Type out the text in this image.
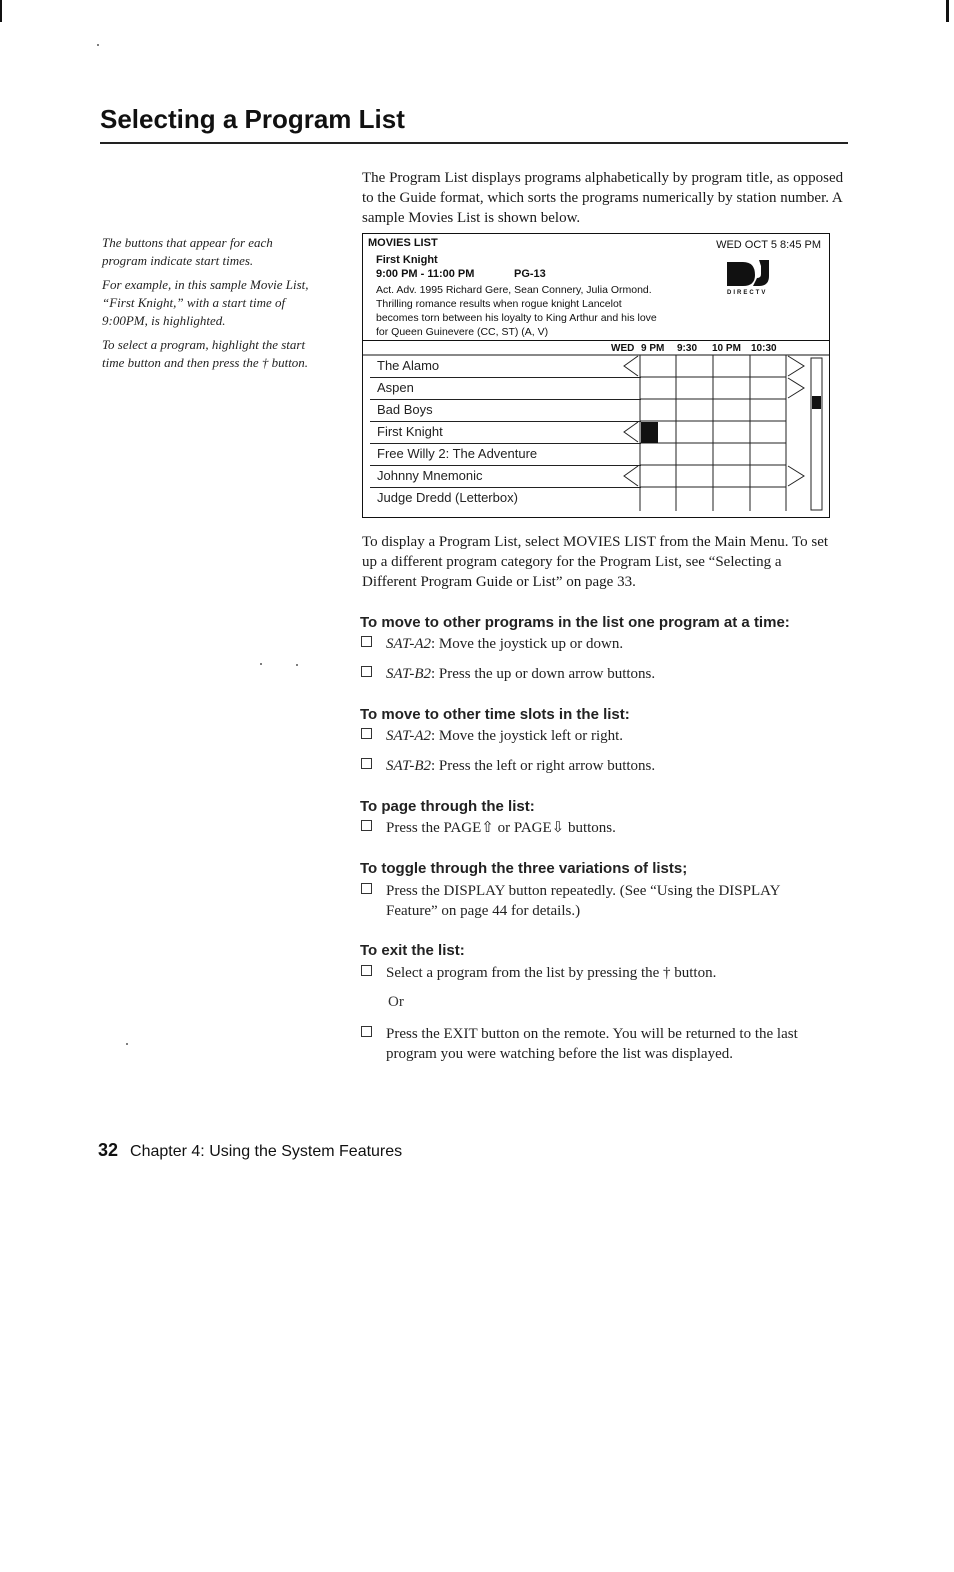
Selecting a Program List

The buttons that appear for each program indicate start times.

For example, in this sample Movie List, “First Knight,” with a start time of 9:00PM, is highlighted.

To select a program, highlight the start time button and then press the † button.

The Program List displays programs alphabetically by program title, as opposed to the Guide format, which sorts the programs numerically by station number. A sample Movies List is shown below.

MOVIES LIST	WED OCT 5 8:45 PM
First Knight
9:00 PM - 11:00 PM	PG-13
Act. Adv. 1995 Richard Gere, Sean Connery, Julia Ormond. Thrilling romance results when rogue knight Lancelot becomes torn between his loyalty to King Arthur and his love for Queen Guinevere (CC, ST) (A, V)
DIRECTV
WED 9 PM 9:30 10 PM 10:30
The Alamo
Aspen
Bad Boys
First Knight
Free Willy 2: The Adventure
Johnny Mnemonic
Judge Dredd (Letterbox)

To display a Program List, select MOVIES LIST from the Main Menu. To set up a different program category for the Program List, see “Selecting a Different Program Guide or List” on page 33.

To move to other programs in the list one program at a time:

SAT-A2: Move the joystick up or down.

SAT-B2: Press the up or down arrow buttons.

To move to other time slots in the list:

SAT-A2: Move the joystick left or right.

SAT-B2: Press the left or right arrow buttons.

To page through the list:

Press the PAGE⇧ or PAGE⇩ buttons.

To toggle through the three variations of lists;

Press the DISPLAY button repeatedly. (See “Using the DISPLAY Feature” on page 44 for details.)

To exit the list:

Select a program from the list by pressing the † button.

Or

Press the EXIT button on the remote. You will be returned to the last program you were watching before the list was displayed.

32 Chapter 4: Using the System Features
